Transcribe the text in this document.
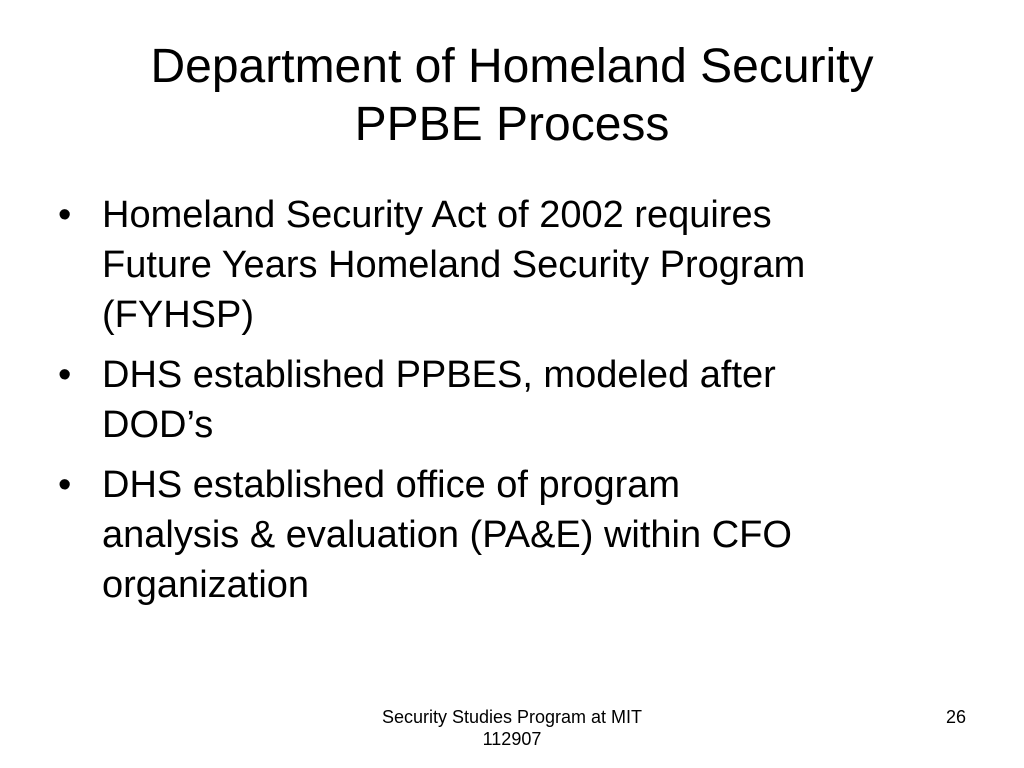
Department of Homeland Security
PPBE Process
• Homeland Security Act of 2002 requires
Future Years Homeland Security Program
(FYHSP)
• DHS established PPBES, modeled after
DOD’s
• DHS established office of program
analysis & evaluation (PA&E) within CFO
organization
Security Studies Program at MIT
112907
26
